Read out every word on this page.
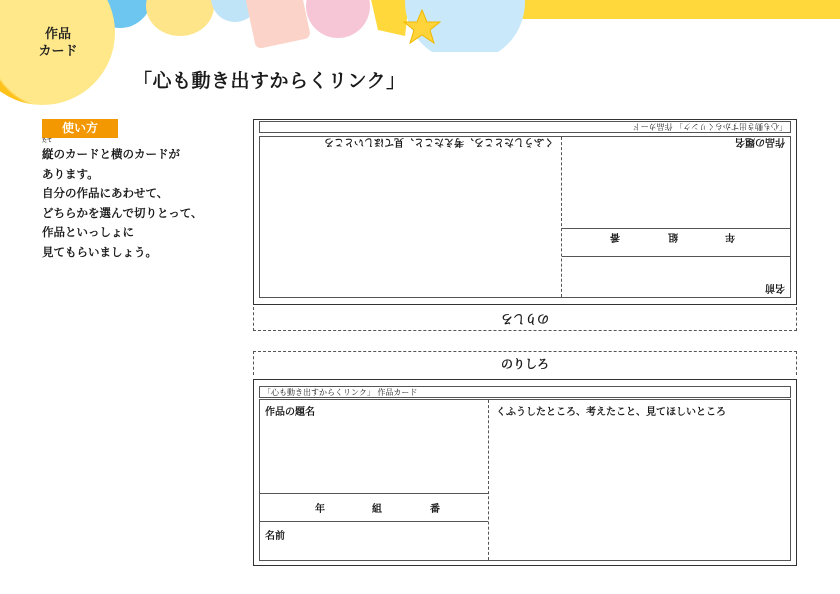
作品
カード
「心も動き出すからくリンク」
使い方
縦
たて
のカードと横のカードが
あります。
自分の作品にあわせて、
どちらかを選んで切りとって、
作品といっしょに
見てもらいましょう。
「心も動き出すからくリンク」 作品カード
名前
年
組
番
作品の題名
くふうしたところ、考えたこと、見てほしいところ
のりしろ
のりしろ
「心も動き出すからくリンク」 作品カード
作品の題名
年	組	番
名前
くふうしたところ、考えたこと、見てほしいところ
